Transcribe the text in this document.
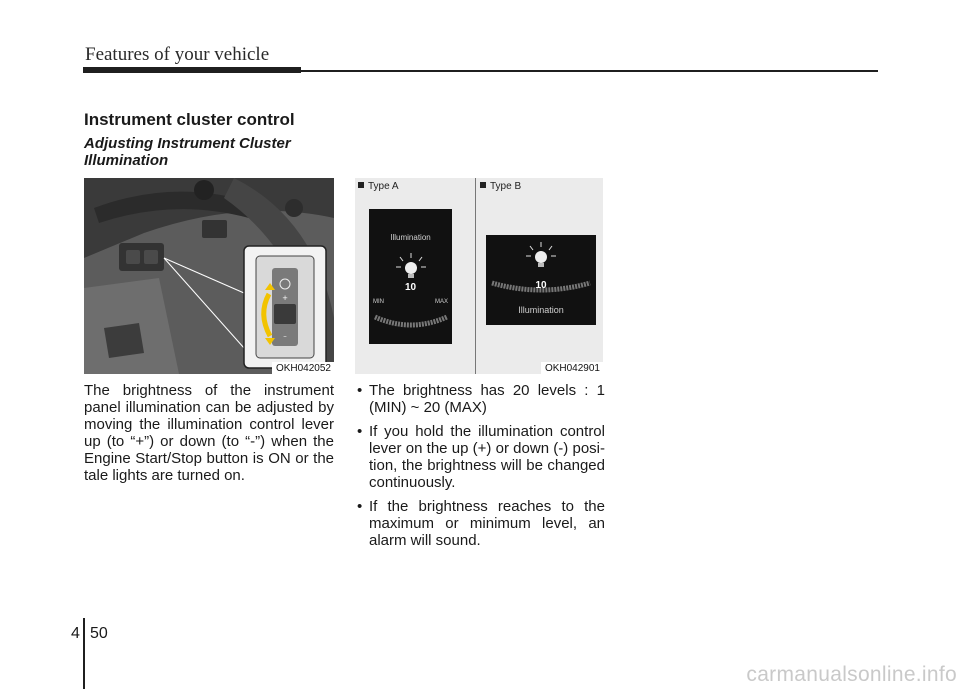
Features of your vehicle
Instrument cluster control
Adjusting Instrument Cluster Illumination
+
–
OKH042052
Type A	Type B
Illumination
10
MIN	MAX
10
Illumination
OKH042901
The brightness of the instrument panel illumination can be adjusted by moving the illumination control lever up (to “+”) or down (to “-”) when the Engine Start/Stop button is ON or the tale lights are turned on.
• The brightness has 20 levels : 1 (MIN) ~ 20 (MAX)
• If you hold the illumination control lever on the up (+) or down (-) posi-tion, the brightness will be changed continuously.
• If the brightness reaches to the maximum or minimum level, an alarm will sound.
4 50
carmanualsonline.info
